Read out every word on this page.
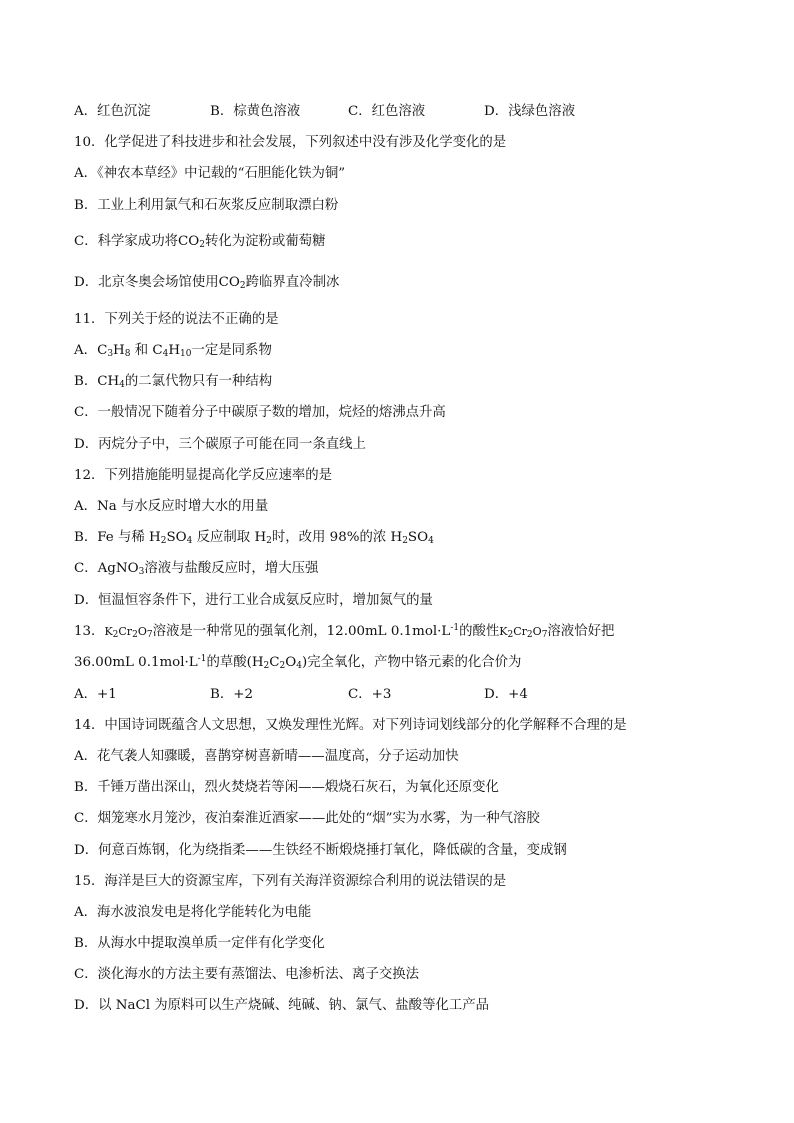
A．红色沉淀	B．棕黄色溶液	C．红色溶液	D．浅绿色溶液
10．化学促进了科技进步和社会发展，下列叙述中没有涉及化学变化的是
A．《神农本草经》中记载的“石胆能化铁为铜”
B．工业上利用氯气和石灰浆反应制取漂白粉
C．科学家成功将$CO_2$转化为淀粉或葡萄糖
D．北京冬奥会场馆使用$CO_2$跨临界直冷制冰
11．下列关于烃的说法不正确的是
A．$C_3H_8$ 和 $C_4H_{10}$一定是同系物
B．$CH_4$的二氯代物只有一种结构
C．一般情况下随着分子中碳原子数的增加，烷烃的熔沸点升高
D．丙烷分子中，三个碳原子可能在同一条直线上
12．下列措施能明显提高化学反应速率的是
A．Na 与水反应时增大水的用量
B．Fe 与稀 $H_2SO_4$ 反应制取 $H_2$时，改用 98%的浓 $H_2SO_4$
C．AgNO$_3$溶液与盐酸反应时，增大压强
D．恒温恒容条件下，进行工业合成氨反应时，增加氮气的量
13．$K_2Cr_2O_7$溶液是一种常见的强氧化剂，12.00mL $0.1mol\cdot L^{-1}$的酸性$K_2Cr_2O_7$溶液恰好把
36.00mL $0.1mol\cdot L^{-1}$的草酸$(H_2C_2O_4)$完全氧化，产物中铬元素的化合价为
A．+1	B．+2	C．+3	D．+4
14．中国诗词既蕴含人文思想，又焕发理性光辉。对下列诗词划线部分的化学解释不合理的是
A．花气袭人知骤暖，喜鹊穿树喜新晴——温度高，分子运动加快
B．千锤万凿出深山，烈火焚烧若等闲——煅烧石灰石，为氧化还原变化
C．烟笼寒水月笼沙，夜泊秦淮近酒家——此处的“烟”实为水雾，为一种气溶胶
D．何意百炼钢，化为绕指柔——生铁经不断煅烧捶打氧化，降低碳的含量，变成钢
15．海洋是巨大的资源宝库，下列有关海洋资源综合利用的说法错误的是
A．海水波浪发电是将化学能转化为电能
B．从海水中提取溴单质一定伴有化学变化
C．淡化海水的方法主要有蒸馏法、电渗析法、离子交换法
D．以 NaCl 为原料可以生产烧碱、纯碱、钠、氯气、盐酸等化工产品
